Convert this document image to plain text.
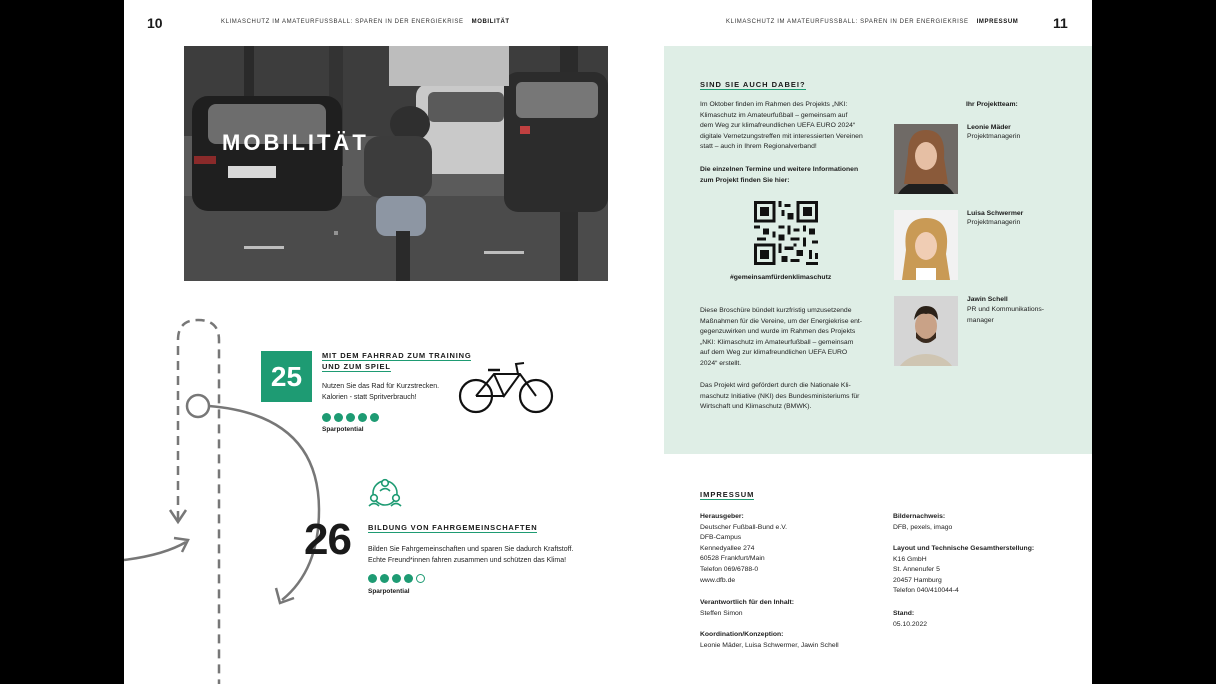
10	KLIMASCHUTZ IM AMATEURFUSSBALL: SPAREN IN DER ENERGIEKRISE MOBILITÄT	KLIMASCHUTZ IM AMATEURFUSSBALL: SPAREN IN DER ENERGIEKRISE IMPRESSUM 11
MOBILITÄT
25
MIT DEM FAHRRAD ZUM TRAINING
UND ZUM SPIEL
Nutzen Sie das Rad für Kurzstrecken.
Kalorien - statt Spritverbrauch!
Sparpotential
26 BILDUNG VON FAHRGEMEINSCHAFTEN
Bilden Sie Fahrgemeinschaften und sparen Sie dadurch Kraftstoff.
Echte Freund*innen fahren zusammen und schützen das Klima!
Sparpotential
SIND SIE AUCH DABEI?
Im Oktober finden im Rahmen des Projekts „NKI:
Klimaschutz im Amateurfußball – gemeinsam auf
dem Weg zur klimafreundlichen UEFA EURO 2024“
digitale Vernetzungstreffen mit interessierten Vereinen
statt – auch in Ihrem Regionalverband!
Die einzelnen Termine und weitere Informationen
zum Projekt finden Sie hier:
#gemeinsamfürdenklimaschutz
Diese Broschüre bündelt kurzfristig umzusetzende
Maßnahmen für die Vereine, um der Energiekrise ent-
gegenzuwirken und wurde im Rahmen des Projekts
„NKI: Klimaschutz im Amateurfußball – gemeinsam
auf dem Weg zur klimafreundlichen UEFA EURO
2024“ erstellt.
Das Projekt wird gefördert durch die Nationale Kli-
maschutz Initiative (NKI) des Bundesministeriums für
Wirtschaft und Klimaschutz (BMWK).
Ihr Projektteam:
Leonie Mäder
Projektmanagerin
Luisa Schwermer
Projektmanagerin
Jawin Schell
PR und Kommunikations-
manager
IMPRESSUM
Herausgeber:
Deutscher Fußball-Bund e.V.
DFB-Campus
Kennedyallee 274
60528 Frankfurt/Main
Telefon 069/6788-0
www.dfb.de
Verantwortlich für den Inhalt:
Steffen Simon
Koordination/Konzeption:
Leonie Mäder, Luisa Schwermer, Jawin Schell
Bildernachweis:
DFB, pexels, imago
Layout und Technische Gesamtherstellung:
K16 GmbH
St. Annenufer 5
20457 Hamburg
Telefon 040/410044-4
Stand:
05.10.2022
